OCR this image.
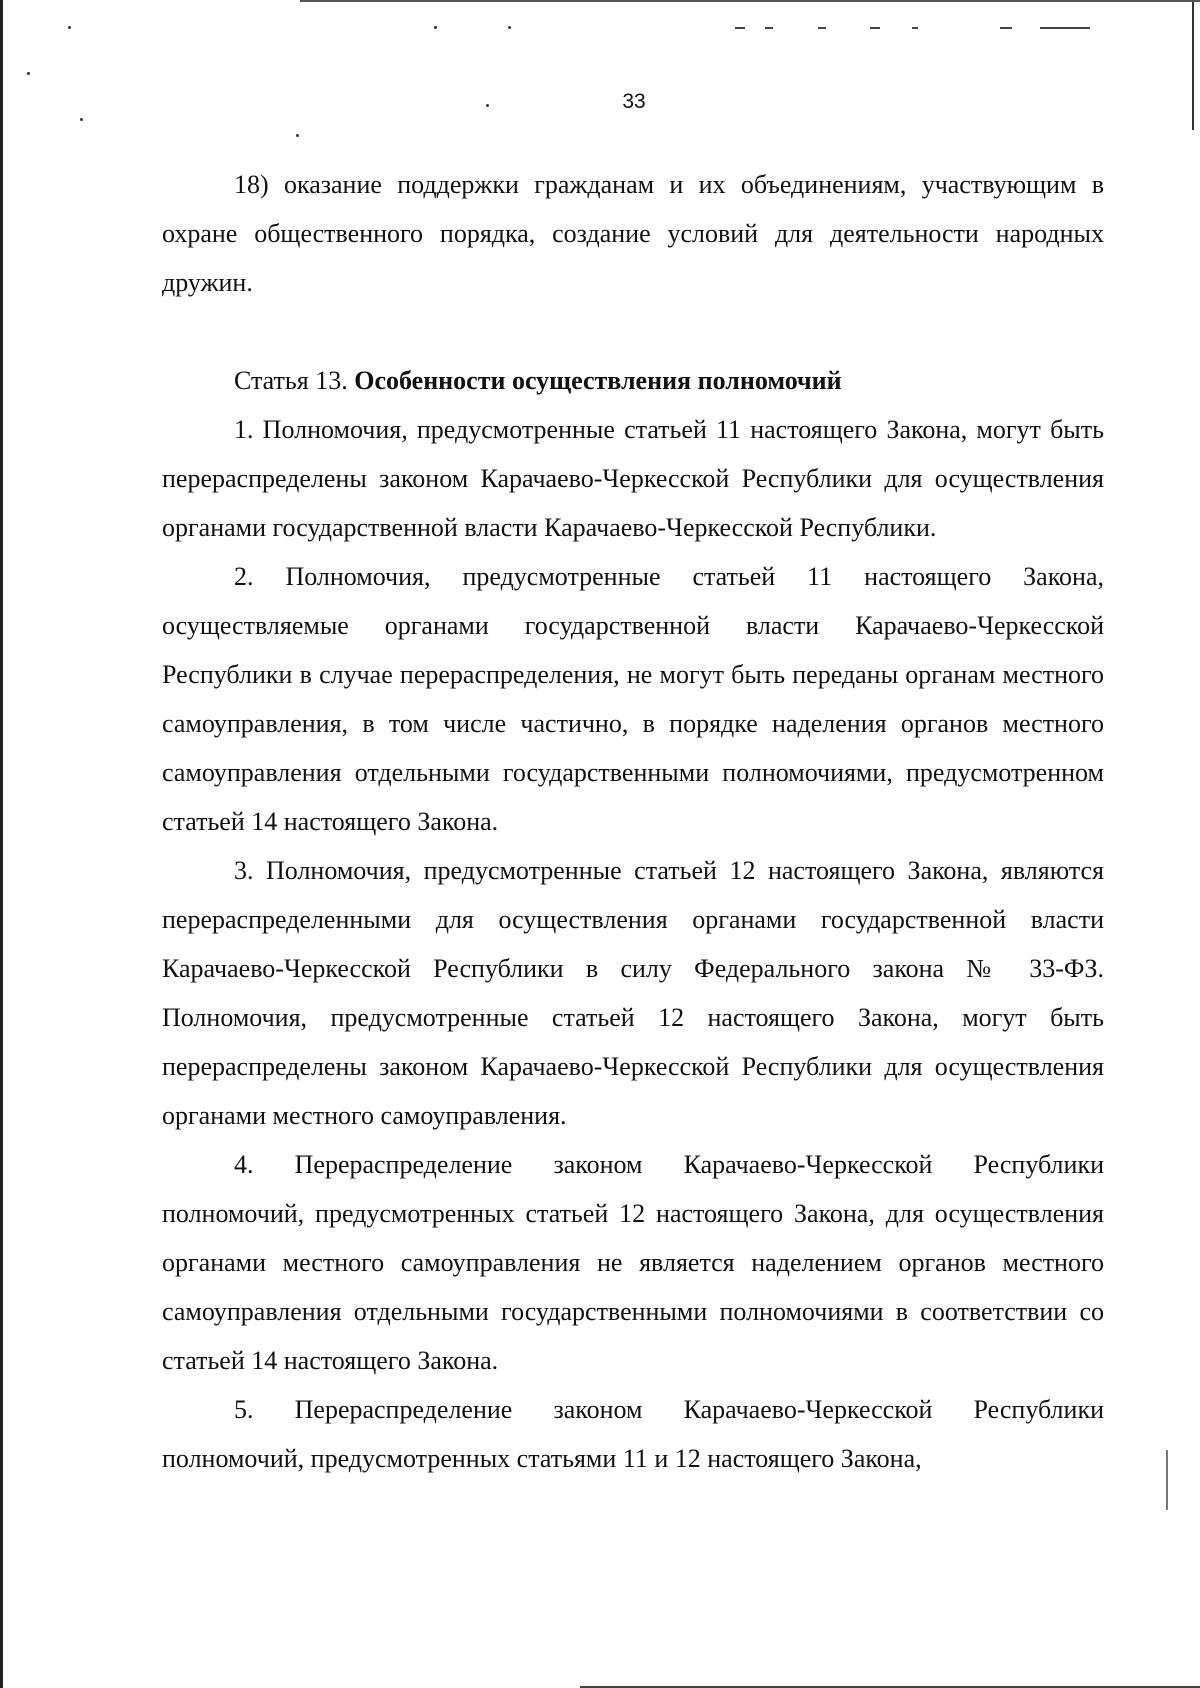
33

18) оказание поддержки гражданам и их объединениям, участвующим в охране общественного порядка, создание условий для деятельности народных дружин.

Статья 13. Особенности осуществления полномочий

1. Полномочия, предусмотренные статьей 11 настоящего Закона, могут быть перераспределены законом Карачаево-Черкесской Республики для осуществления органами государственной власти Карачаево-Черкесской Республики.

2. Полномочия, предусмотренные статьей 11 настоящего Закона, осуществляемые органами государственной власти Карачаево-Черкесской Республики в случае перераспределения, не могут быть переданы органам местного самоуправления, в том числе частично, в порядке наделения органов местного самоуправления отдельными государственными полномочиями, предусмотренном статьей 14 настоящего Закона.

3. Полномочия, предусмотренные статьей 12 настоящего Закона, являются перераспределенными для осуществления органами государственной власти Карачаево-Черкесской Республики в силу Федерального закона № 33-ФЗ. Полномочия, предусмотренные статьей 12 настоящего Закона, могут быть перераспределены законом Карачаево-Черкесской Республики для осуществления органами местного самоуправления.

4. Перераспределение законом Карачаево-Черкесской Республики полномочий, предусмотренных статьей 12 настоящего Закона, для осуществления органами местного самоуправления не является наделением органов местного самоуправления отдельными государственными полномочиями в соответствии со статьей 14 настоящего Закона.

5. Перераспределение законом Карачаево-Черкесской Республики полномочий, предусмотренных статьями 11 и 12 настоящего Закона,
